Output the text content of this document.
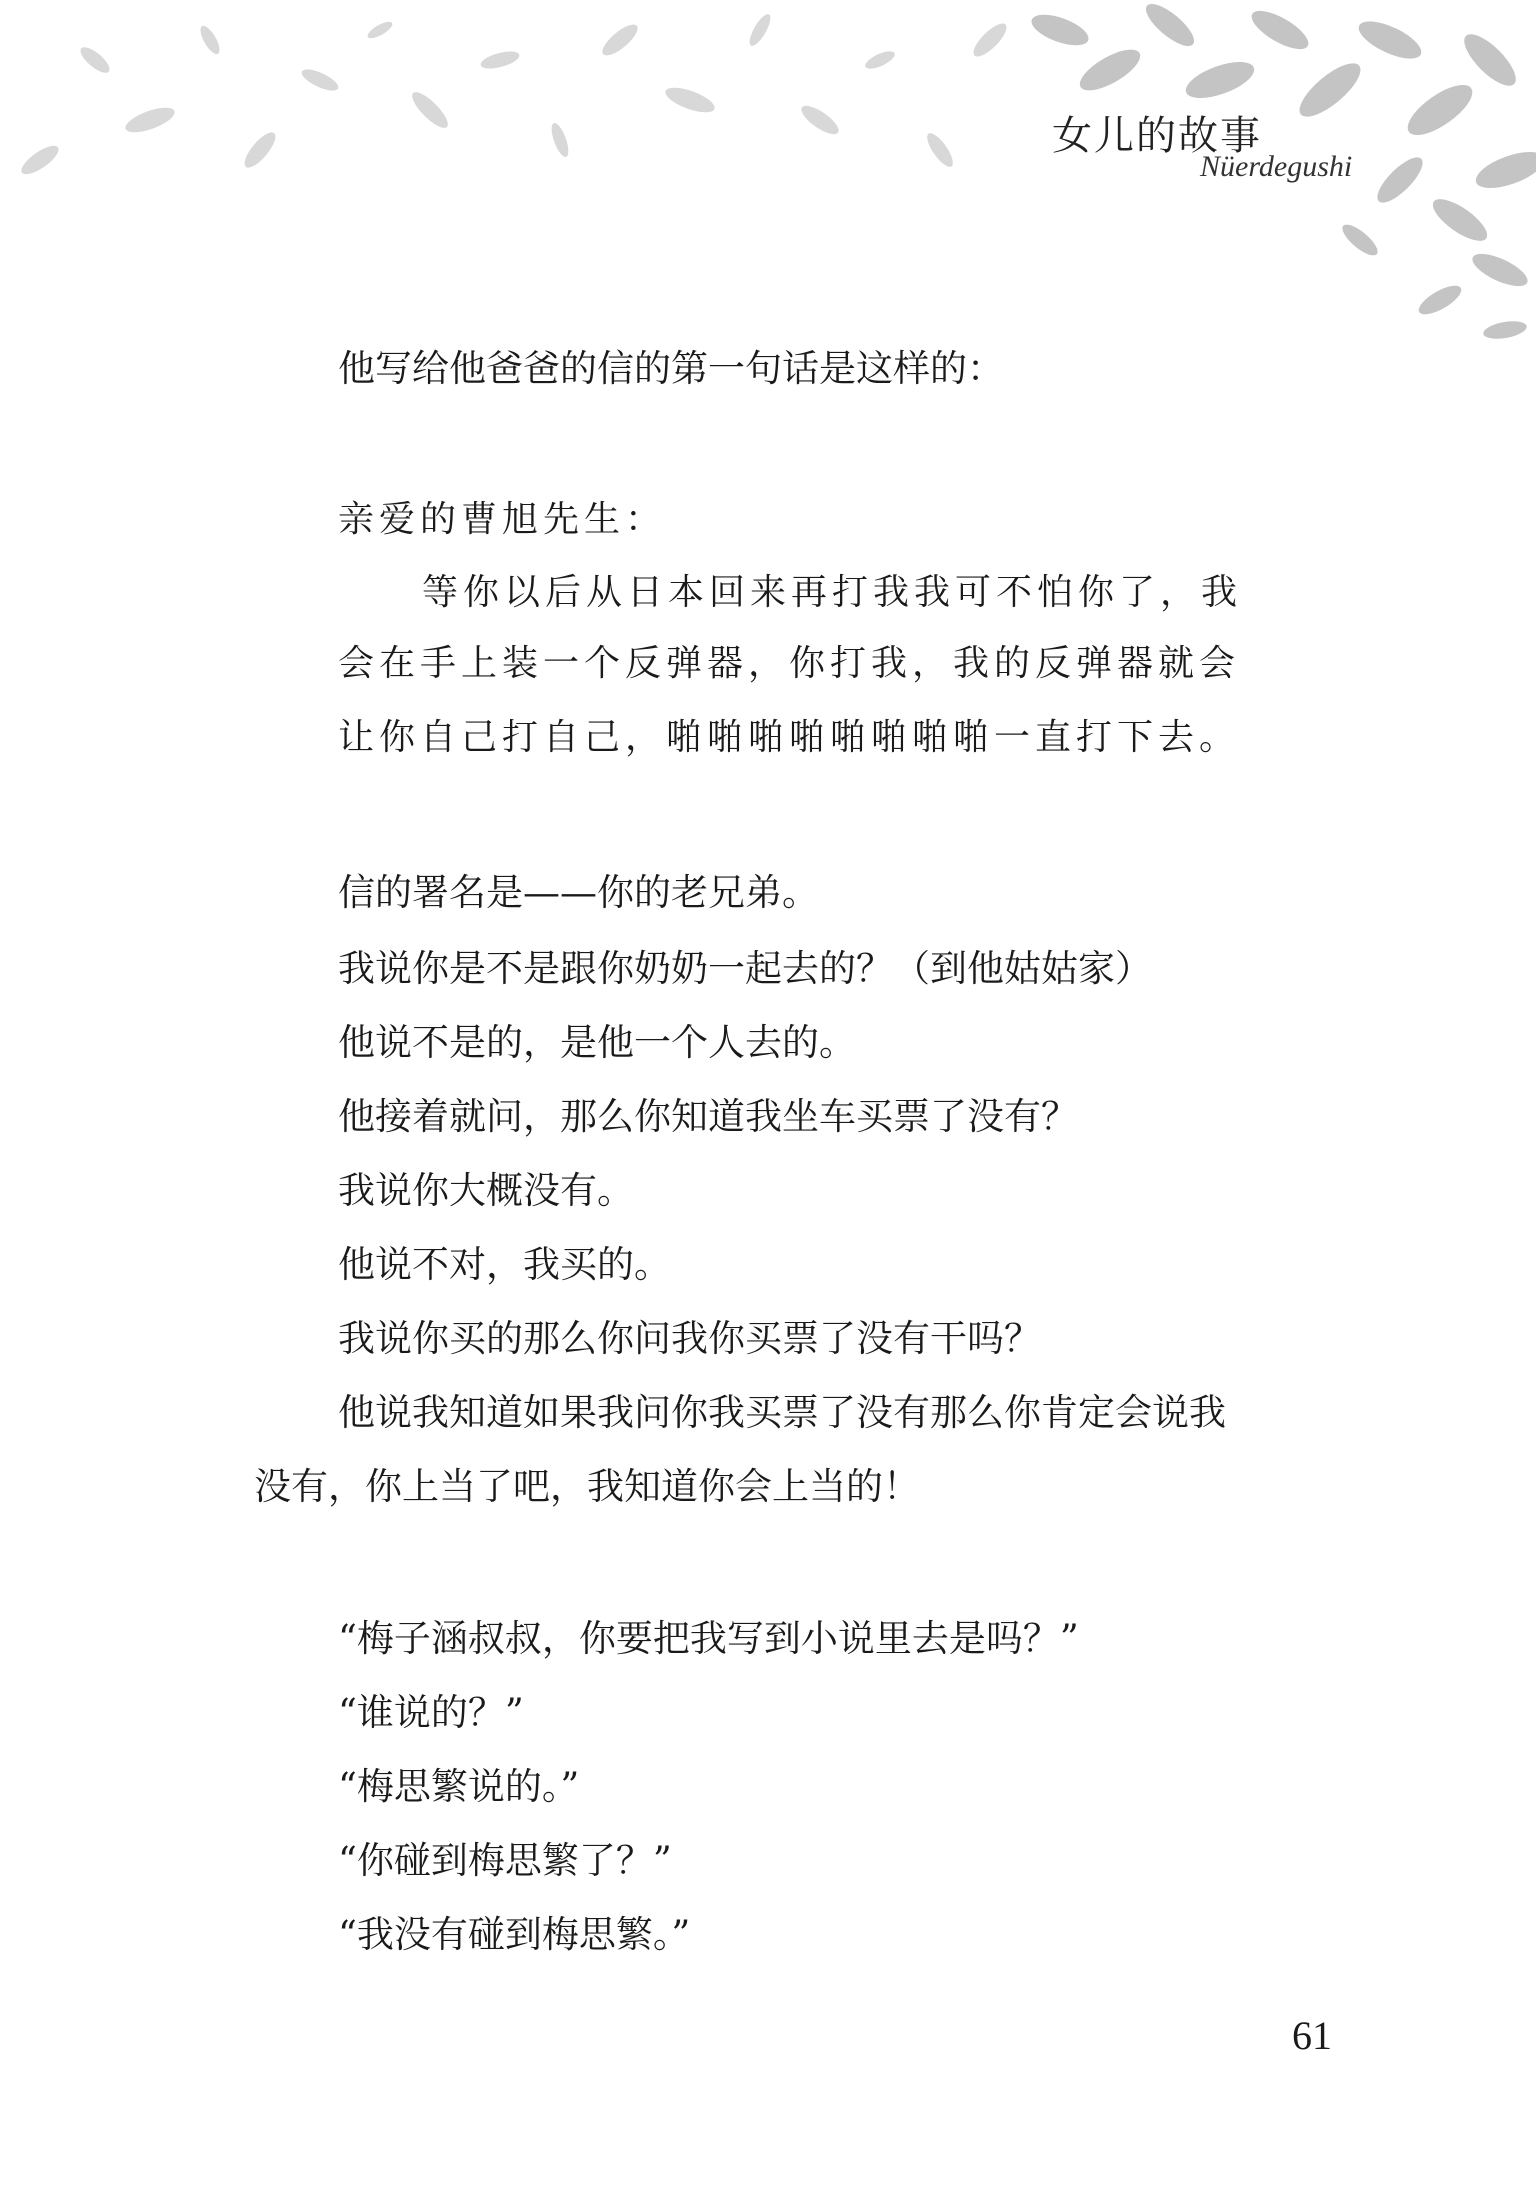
女儿的故事
Nüerdegushi
他写给他爸爸的信的第一句话是这样的：
亲爱的曹旭先生：
等你以后从日本回来再打我我可不怕你了，我
会在手上装一个反弹器，你打我，我的反弹器就会
让你自己打自己，啪啪啪啪啪啪啪啪一直打下去。
信的署名是——你的老兄弟。
我说你是不是跟你奶奶一起去的？（到他姑姑家）
他说不是的，是他一个人去的。
他接着就问，那么你知道我坐车买票了没有？
我说你大概没有。
他说不对，我买的。
我说你买的那么你问我你买票了没有干吗？
他说我知道如果我问你我买票了没有那么你肯定会说我
没有，你上当了吧，我知道你会上当的！
“梅子涵叔叔，你要把我写到小说里去是吗？”
“谁说的？”
“梅思繁说的。”
“你碰到梅思繁了？”
“我没有碰到梅思繁。”
61
